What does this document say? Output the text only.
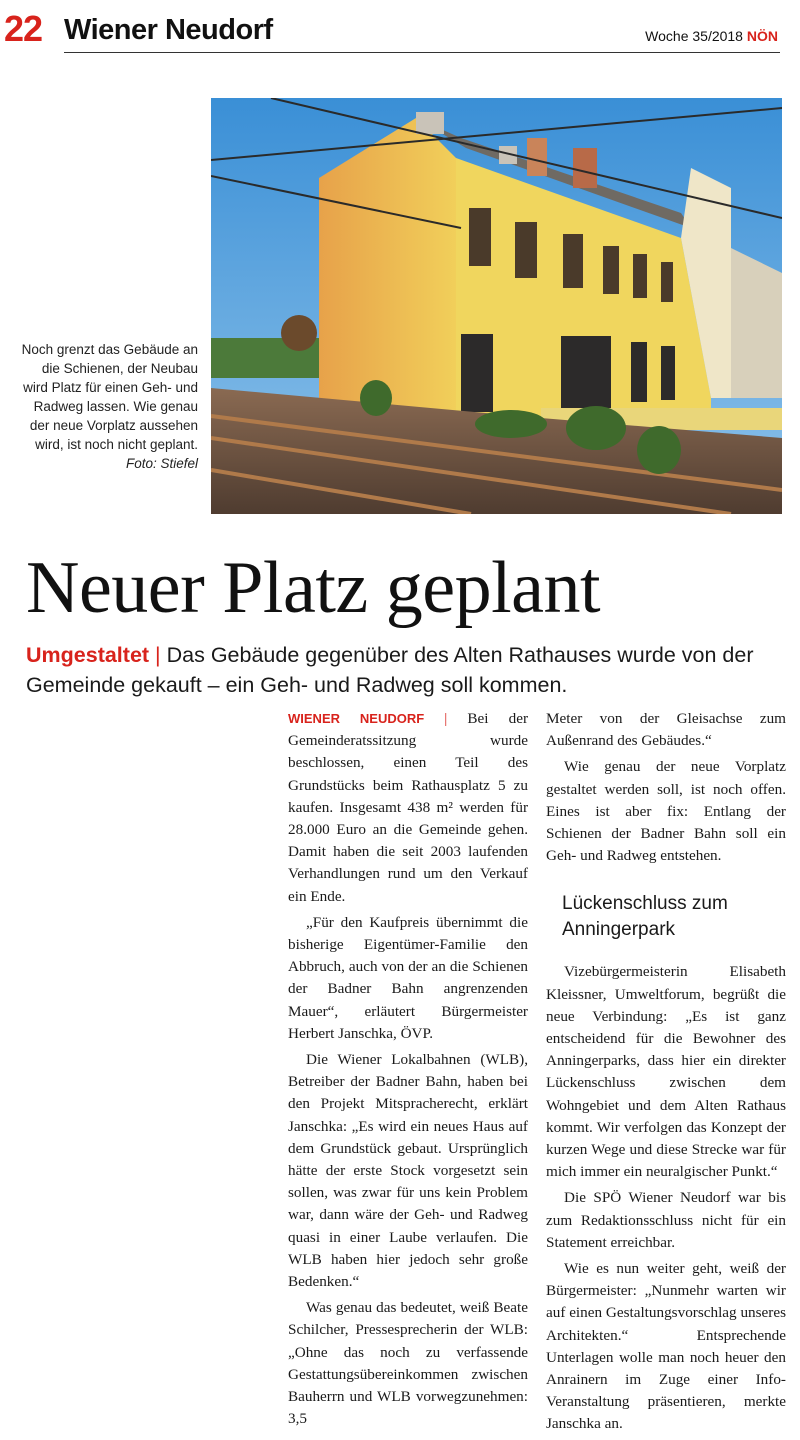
22 Wiener Neudorf	Woche 35/2018 NÖN
Noch grenzt das Gebäude an die Schienen, der Neubau wird Platz für einen Geh- und Radweg lassen. Wie genau der neue Vorplatz aussehen wird, ist noch nicht geplant.
Foto: Stiefel
Neuer Platz geplant
Umgestaltet | Das Gebäude gegenüber des Alten Rathauses wurde von der Gemeinde gekauft – ein Geh- und Radweg soll kommen.

WIENER NEUDORF | Bei der Gemeinderatssitzung wurde beschlossen, einen Teil des Grundstücks beim Rathausplatz 5 zu kaufen. Insgesamt 438 m² werden für 28.000 Euro an die Gemeinde gehen. Damit haben die seit 2003 laufenden Verhandlungen rund um den Verkauf ein Ende.

„Für den Kaufpreis übernimmt die bisherige Eigentümer-Familie den Abbruch, auch von der an die Schienen der Badner Bahn angrenzenden Mauer“, erläutert Bürgermeister Herbert Janschka, ÖVP.

Die Wiener Lokalbahnen (WLB), Betreiber der Badner Bahn, haben bei den Projekt Mitspracherecht, erklärt Janschka: „Es wird ein neues Haus auf dem Grundstück gebaut. Ursprünglich hätte der erste Stock vorgesetzt sein sollen, was zwar für uns kein Problem war, dann wäre der Geh- und Radweg quasi in einer Laube verlaufen. Die WLB haben hier jedoch sehr große Bedenken.“

Was genau das bedeutet, weiß Beate Schilcher, Pressesprecherin der WLB: „Ohne das noch zu verfassende Gestattungsübereinkommen zwischen Bauherrn und WLB vorwegzunehmen: 3,5

Meter von der Gleisachse zum Außenrand des Gebäudes.“

Wie genau der neue Vorplatz gestaltet werden soll, ist noch offen. Eines ist aber fix: Entlang der Schienen der Badner Bahn soll ein Geh- und Radweg entstehen.

Lückenschluss zum Anningerpark

Vizebürgermeisterin Elisabeth Kleissner, Umweltforum, begrüßt die neue Verbindung: „Es ist ganz entscheidend für die Bewohner des Anningerparks, dass hier ein direkter Lückenschluss zwischen dem Wohngebiet und dem Alten Rathaus kommt. Wir verfolgen das Konzept der kurzen Wege und diese Strecke war für mich immer ein neuralgischer Punkt.“

Die SPÖ Wiener Neudorf war bis zum Redaktionsschluss nicht für ein Statement erreichbar.

Wie es nun weiter geht, weiß der Bürgermeister: „Nunmehr warten wir auf einen Gestaltungsvorschlag unseres Architekten.“ Entsprechende Unterlagen wolle man noch heuer den Anrainern im Zuge einer Info-Veranstaltung präsentieren, merkte Janschka an.
